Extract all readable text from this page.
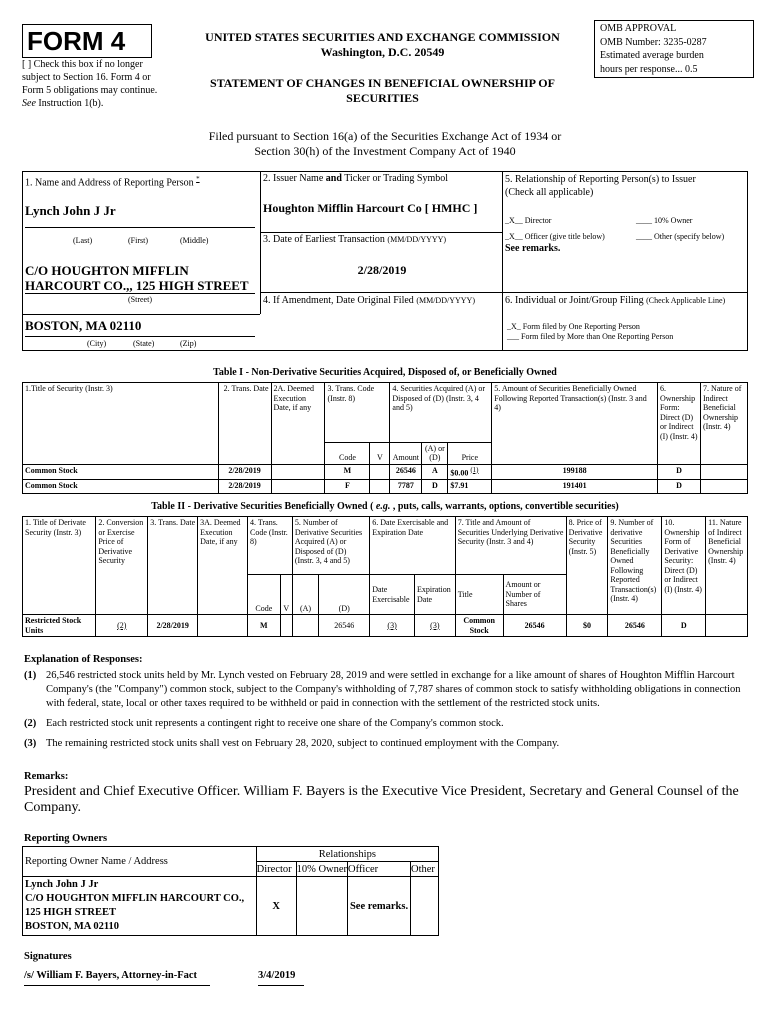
FORM 4
[ ] Check this box if no longer subject to Section 16. Form 4 or Form 5 obligations may continue. See Instruction 1(b).
UNITED STATES SECURITIES AND EXCHANGE COMMISSION
Washington, D.C. 20549
STATEMENT OF CHANGES IN BENEFICIAL OWNERSHIP OF SECURITIES
OMB APPROVAL
OMB Number: 3235-0287
Estimated average burden
hours per response... 0.5
Filed pursuant to Section 16(a) of the Securities Exchange Act of 1934 or
Section 30(h) of the Investment Company Act of 1940
1. Name and Address of Reporting Person *
Lynch John J Jr
(Last)	(First)	(Middle)
C/O HOUGHTON MIFFLIN HARCOURT CO.,, 125 HIGH STREET
(Street)
BOSTON, MA 02110
(City)	(State)	(Zip)
2. Issuer Name and Ticker or Trading Symbol
Houghton Mifflin Harcourt Co [ HMHC ]
3. Date of Earliest Transaction (MM/DD/YYYY)
2/28/2019
4. If Amendment, Date Original Filed (MM/DD/YYYY)
5. Relationship of Reporting Person(s) to Issuer
(Check all applicable)
_X__ Director	____ 10% Owner
_X__ Officer (give title below)	____ Other (specify below)
See remarks.
6. Individual or Joint/Group Filing (Check Applicable Line)
_X_ Form filed by One Reporting Person
___ Form filed by More than One Reporting Person
Table I - Non-Derivative Securities Acquired, Disposed of, or Beneficially Owned
1.Title of Security (Instr. 3)	2. Trans. Date	2A. Deemed Execution Date, if any	3. Trans. Code (Instr. 8)		4. Securities Acquired (A) or Disposed of (D) (Instr. 3, 4 and 5)			5. Amount of Securities Beneficially Owned Following Reported Transaction(s) (Instr. 3 and 4)	6. Ownership Form: Direct (D) or Indirect (I) (Instr. 4)	7. Nature of Indirect Beneficial Ownership (Instr. 4)
			Code	V	Amount	(A) or (D)	Price			
Common Stock	2/28/2019		M		26546	A	$0.00 (1)	199188	D	
Common Stock	2/28/2019		F		7787	D	$7.91	191401	D	
Table II - Derivative Securities Beneficially Owned ( e.g. , puts, calls, warrants, options, convertible securities)
1. Title of Derivate Security (Instr. 3)	2. Conversion or Exercise Price of Derivative Security	3. Trans. Date	3A. Deemed Execution Date, if any	4. Trans. Code (Instr. 8)		5. Number of Derivative Securities Acquired (A) or Disposed of (D) (Instr. 3, 4 and 5)		6. Date Exercisable and Expiration Date		7. Title and Amount of Securities Underlying Derivative Security (Instr. 3 and 4)		8. Price of Derivative Security (Instr. 5)	9. Number of derivative Securities Beneficially Owned Following Reported Transaction(s) (Instr. 4)	10. Ownership Form of Derivative Security: Direct (D) or Indirect (I) (Instr. 4)	11. Nature of Indirect Beneficial Ownership (Instr. 4)
				Code	V	(A)	(D)	Date Exercisable	Expiration Date	Title	Amount or Number of Shares				
Restricted Stock Units	(2)	2/28/2019		M			26546	(3)	(3)	Common Stock	26546	$0	26546	D	
Explanation of Responses:
(1) 26,546 restricted stock units held by Mr. Lynch vested on February 28, 2019 and were settled in exchange for a like amount of shares of Houghton Mifflin Harcourt Company's (the "Company") common stock, subject to the Company's withholding of 7,787 shares of common stock to satisfy withholding obligations in connection with federal, state, local or other taxes required to be withheld or paid in connection with the settlement of the restricted stock units.
(2) Each restricted stock unit represents a contingent right to receive one share of the Company's common stock.
(3) The remaining restricted stock units shall vest on February 28, 2020, subject to continued employment with the Company.
Remarks:
President and Chief Executive Officer. William F. Bayers is the Executive Vice President, Secretary and General Counsel of the Company.
Reporting Owners
Reporting Owner Name / Address	Relationships			
	Director	10% Owner	Officer	Other

Lynch John J Jr
C/O HOUGHTON MIFFLIN HARCOURT CO.,
125 HIGH STREET
BOSTON, MA 02110	X		See remarks.	
Signatures
/s/ William F. Bayers, Attorney-in-Fact	3/4/2019
